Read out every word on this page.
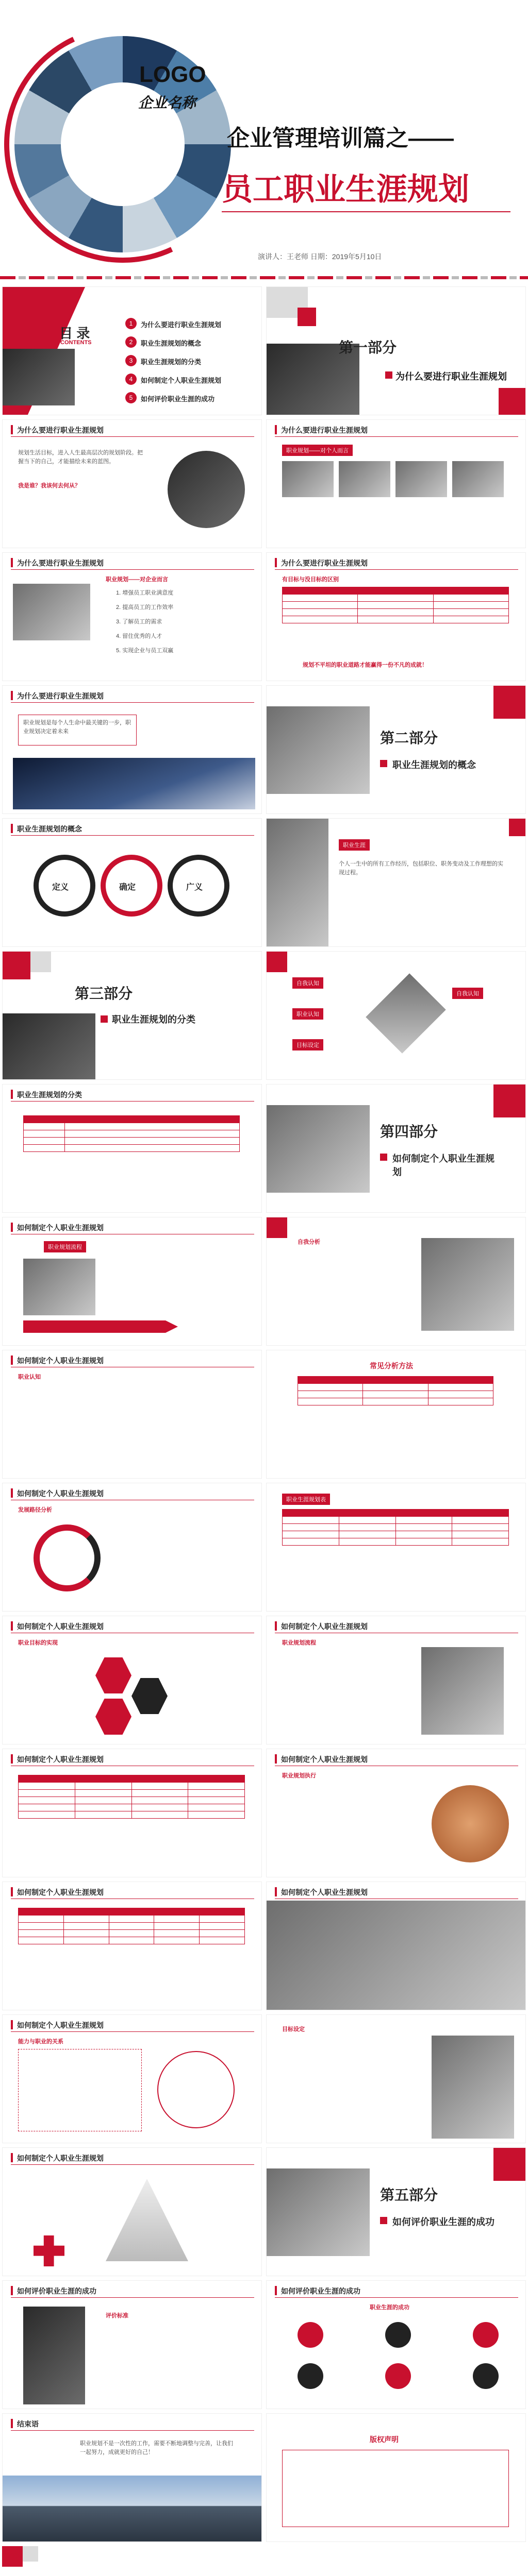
LOGO
企业名称
企业管理培训篇之——
员工职业生涯规划
演讲人：王老师 日期：2019年5月10日
目 录
CONTENTS
1	为什么要进行职业生涯规划
2	职业生涯规划的概念
3	职业生涯规划的分类
4	如何制定个人职业生涯规划
5	如何评价职业生涯的成功
第一部分
为什么要进行职业生涯规划
为什么要进行职业生涯规划
规划生活目标，进入人生最高层次的规划阶段。把握当下的自己，才能描绘未来的蓝图。
我是谁？我该何去何从？
为什么要进行职业生涯规划
职业规划——对个人而言
为什么要进行职业生涯规划
职业规划——对企业而言
1. 增强员工职业满意度
2. 提高员工的工作效率
3. 了解员工的需求
4. 留住优秀的人才
5. 实现企业与员工双赢
为什么要进行职业生涯规划
有目标与没目标的区别

规划不平坦的职业道路才能赢得一份不凡的成就！
为什么要进行职业生涯规划
职业规划是每个人生命中最关键的一步，职业规划决定着未来	第二部分
职业生涯规划的概念
职业生涯规划的概念
定义	确定	广义
职业生涯
个人一生中的所有工作经历，包括职位、职务变动及工作理想的实现过程。
第三部分
职业生涯规划的分类
自我认知
职业认知
目标设定
自我认知
职业生涯规划的分类

第四部分
如何制定个人职业生涯规划
如何制定个人职业生涯规划
职业规划流程
自我分析
如何制定个人职业生涯规划
职业认知
常见分析方法

如何制定个人职业生涯规划
发展路径分析
职业生涯规划表

如何制定个人职业生涯规划
职业目标的实现
如何制定个人职业生涯规划
职业规划流程
如何制定个人职业生涯规划

				如何制定个人职业生涯规划
职业规划执行
如何制定个人职业生涯规划

					如何制定个人职业生涯规划
如何制定个人职业生涯规划
能力与职业的关系
目标设定
如何制定个人职业生涯规划
第五部分
如何评价职业生涯的成功
如何评价职业生涯的成功
评价标准
如何评价职业生涯的成功
职业生涯的成功
结束语
职业规划不是一次性的工作，需要不断地调整与完善，让我们一起努力，成就更好的自己！
版权声明
